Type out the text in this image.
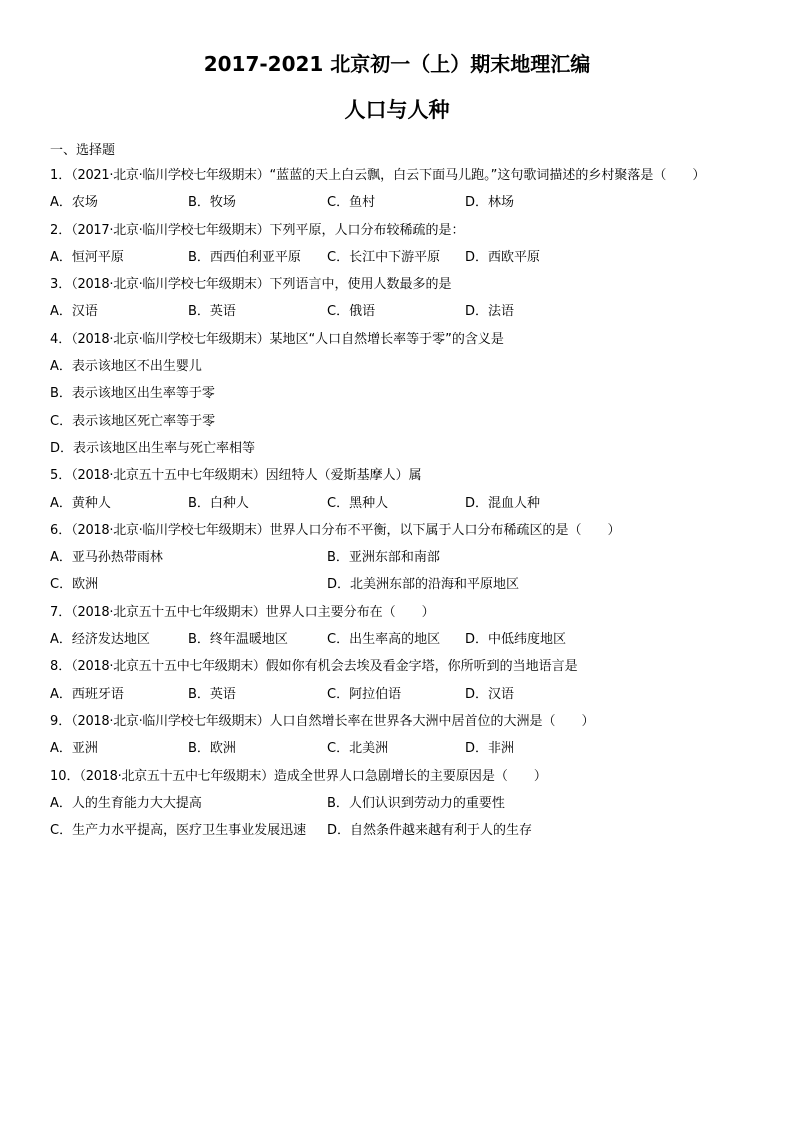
2017-2021 北京初一（上）期末地理汇编
人口与人种
一、选择题
1．（2021·北京·临川学校七年级期末）“蓝蓝的天上白云飘，白云下面马儿跑。”这句歌词描述的乡村聚落是（　　）
A．农场	B．牧场	C．鱼村	D．林场
2．（2017·北京·临川学校七年级期末）下列平原，人口分布较稀疏的是：
A．恒河平原	B．西西伯利亚平原 C．长江中下游平原 D．西欧平原
3．（2018·北京·临川学校七年级期末）下列语言中，使用人数最多的是
A．汉语	B．英语	C．俄语	D．法语
4．（2018·北京·临川学校七年级期末）某地区“人口自然增长率等于零”的含义是
A．表示该地区不出生婴儿
B．表示该地区出生率等于零
C．表示该地区死亡率等于零
D．表示该地区出生率与死亡率相等
5．（2018·北京五十五中七年级期末）因纽特人（爱斯基摩人）属
A．黄种人	B．白种人	C．黑种人	D．混血人种
6．（2018·北京·临川学校七年级期末）世界人口分布不平衡，以下属于人口分布稀疏区的是（　　）
A．亚马孙热带雨林	B．亚洲东部和南部
C．欧洲	D．北美洲东部的沿海和平原地区
7．（2018·北京五十五中七年级期末）世界人口主要分布在（　　）
A．经济发达地区	B．终年温暖地区	C．出生率高的地区 D．中低纬度地区
8．（2018·北京五十五中七年级期末）假如你有机会去埃及看金字塔，你所听到的当地语言是
A．西班牙语	B．英语	C．阿拉伯语	D．汉语
9．（2018·北京·临川学校七年级期末）人口自然增长率在世界各大洲中居首位的大洲是（　　）
A．亚洲	B．欧洲	C．北美洲	D．非洲
10．（2018·北京五十五中七年级期末）造成全世界人口急剧增长的主要原因是（　　）
A．人的生育能力大大提高	B．人们认识到劳动力的重要性
C．生产力水平提高，医疗卫生事业发展迅速 D．自然条件越来越有利于人的生存
